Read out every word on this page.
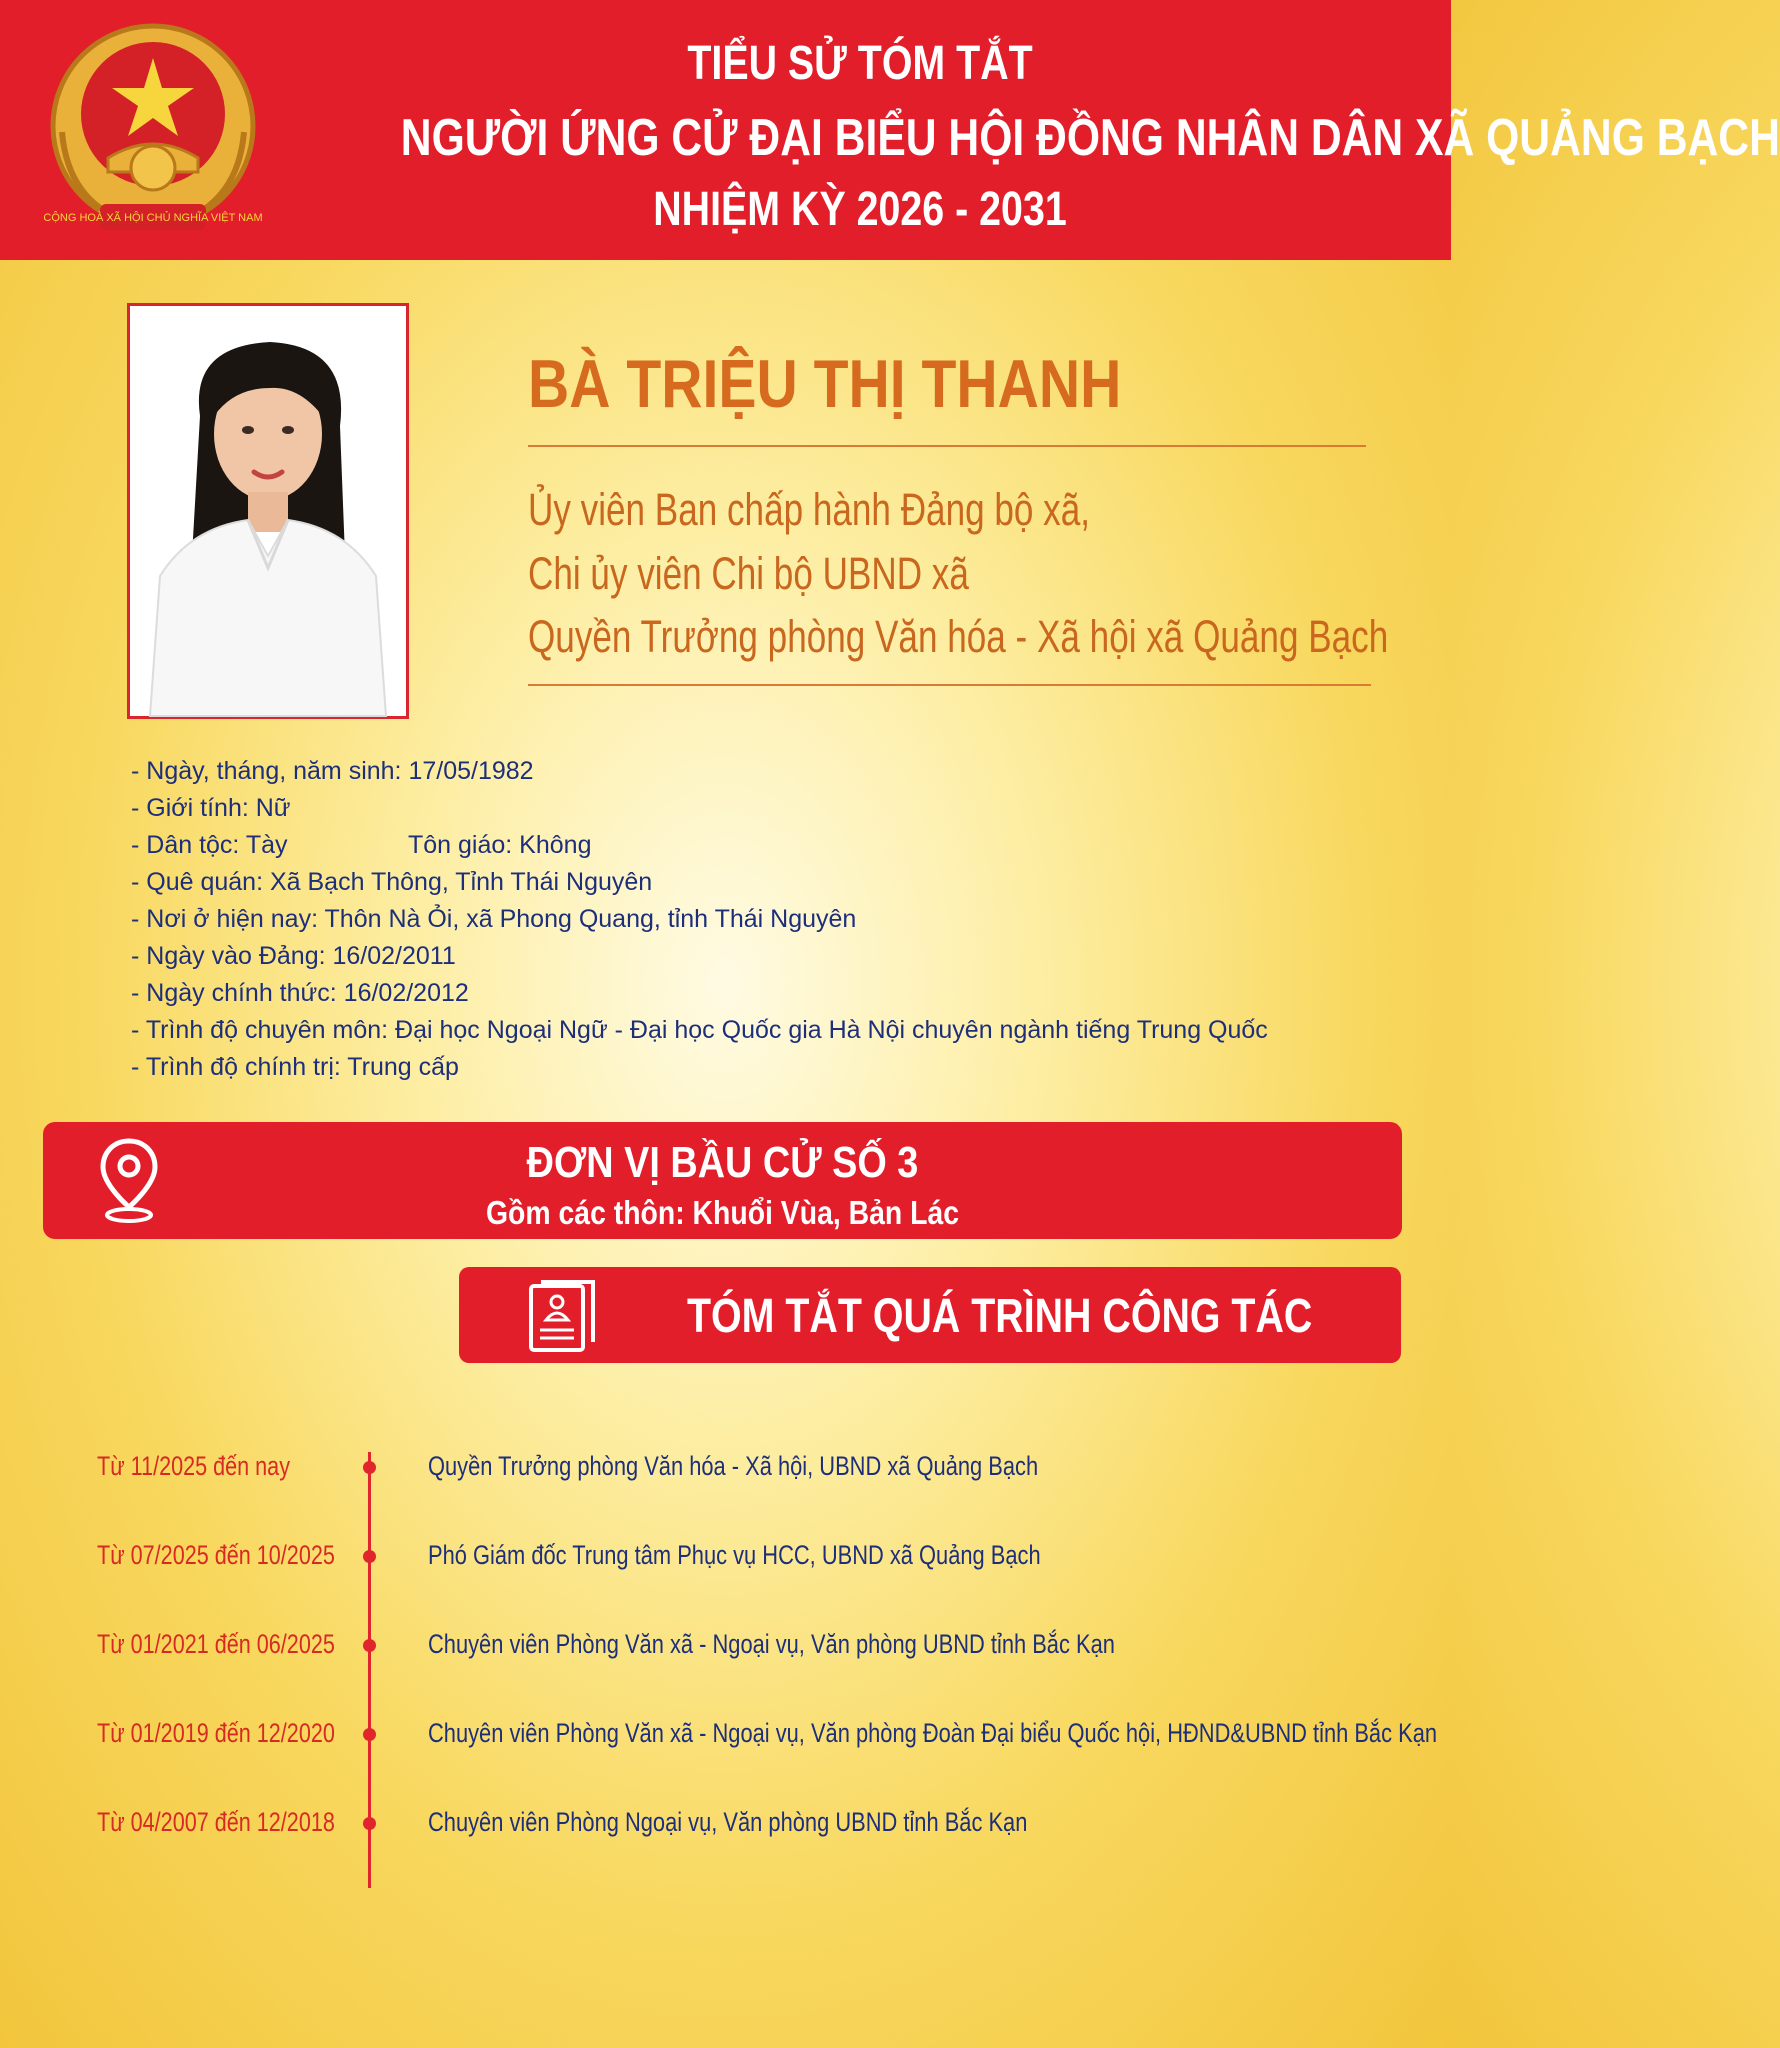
CỘNG HOÀ XÃ HỘI CHỦ NGHĨA VIỆT NAM
TIỂU SỬ TÓM TẮT
NGƯỜI ỨNG CỬ ĐẠI BIỂU HỘI ĐỒNG NHÂN DÂN XÃ QUẢNG BẠCH
NHIỆM KỲ 2026 - 2031
BÀ TRIỆU THỊ THANH
Ủy viên Ban chấp hành Đảng bộ xã,
Chi ủy viên Chi bộ UBND xã
Quyền Trưởng phòng Văn hóa - Xã hội xã Quảng Bạch
- Ngày, tháng, năm sinh: 17/05/1982
- Giới tính: Nữ
- Dân tộc: Tày	Tôn giáo: Không
- Quê quán: Xã Bạch Thông, Tỉnh Thái Nguyên
- Nơi ở hiện nay: Thôn Nà Ỏi, xã Phong Quang, tỉnh Thái Nguyên
- Ngày vào Đảng: 16/02/2011
- Ngày chính thức: 16/02/2012
- Trình độ chuyên môn: Đại học Ngoại Ngữ - Đại học Quốc gia Hà Nội chuyên ngành tiếng Trung Quốc
- Trình độ chính trị: Trung cấp
ĐƠN VỊ BẦU CỬ SỐ 3
Gồm các thôn: Khuổi Vùa, Bản Lác
TÓM TẮT QUÁ TRÌNH CÔNG TÁC
Từ 11/2025 đến nay	Quyền Trưởng phòng Văn hóa - Xã hội, UBND xã Quảng Bạch
Từ 07/2025 đến 10/2025	Phó Giám đốc Trung tâm Phục vụ HCC, UBND xã Quảng Bạch
Từ 01/2021 đến 06/2025	Chuyên viên Phòng Văn xã - Ngoại vụ, Văn phòng UBND tỉnh Bắc Kạn
Từ 01/2019 đến 12/2020	Chuyên viên Phòng Văn xã - Ngoại vụ, Văn phòng Đoàn Đại biểu Quốc hội, HĐND&UBND tỉnh Bắc Kạn
Từ 04/2007 đến 12/2018	Chuyên viên Phòng Ngoại vụ, Văn phòng UBND tỉnh Bắc Kạn
